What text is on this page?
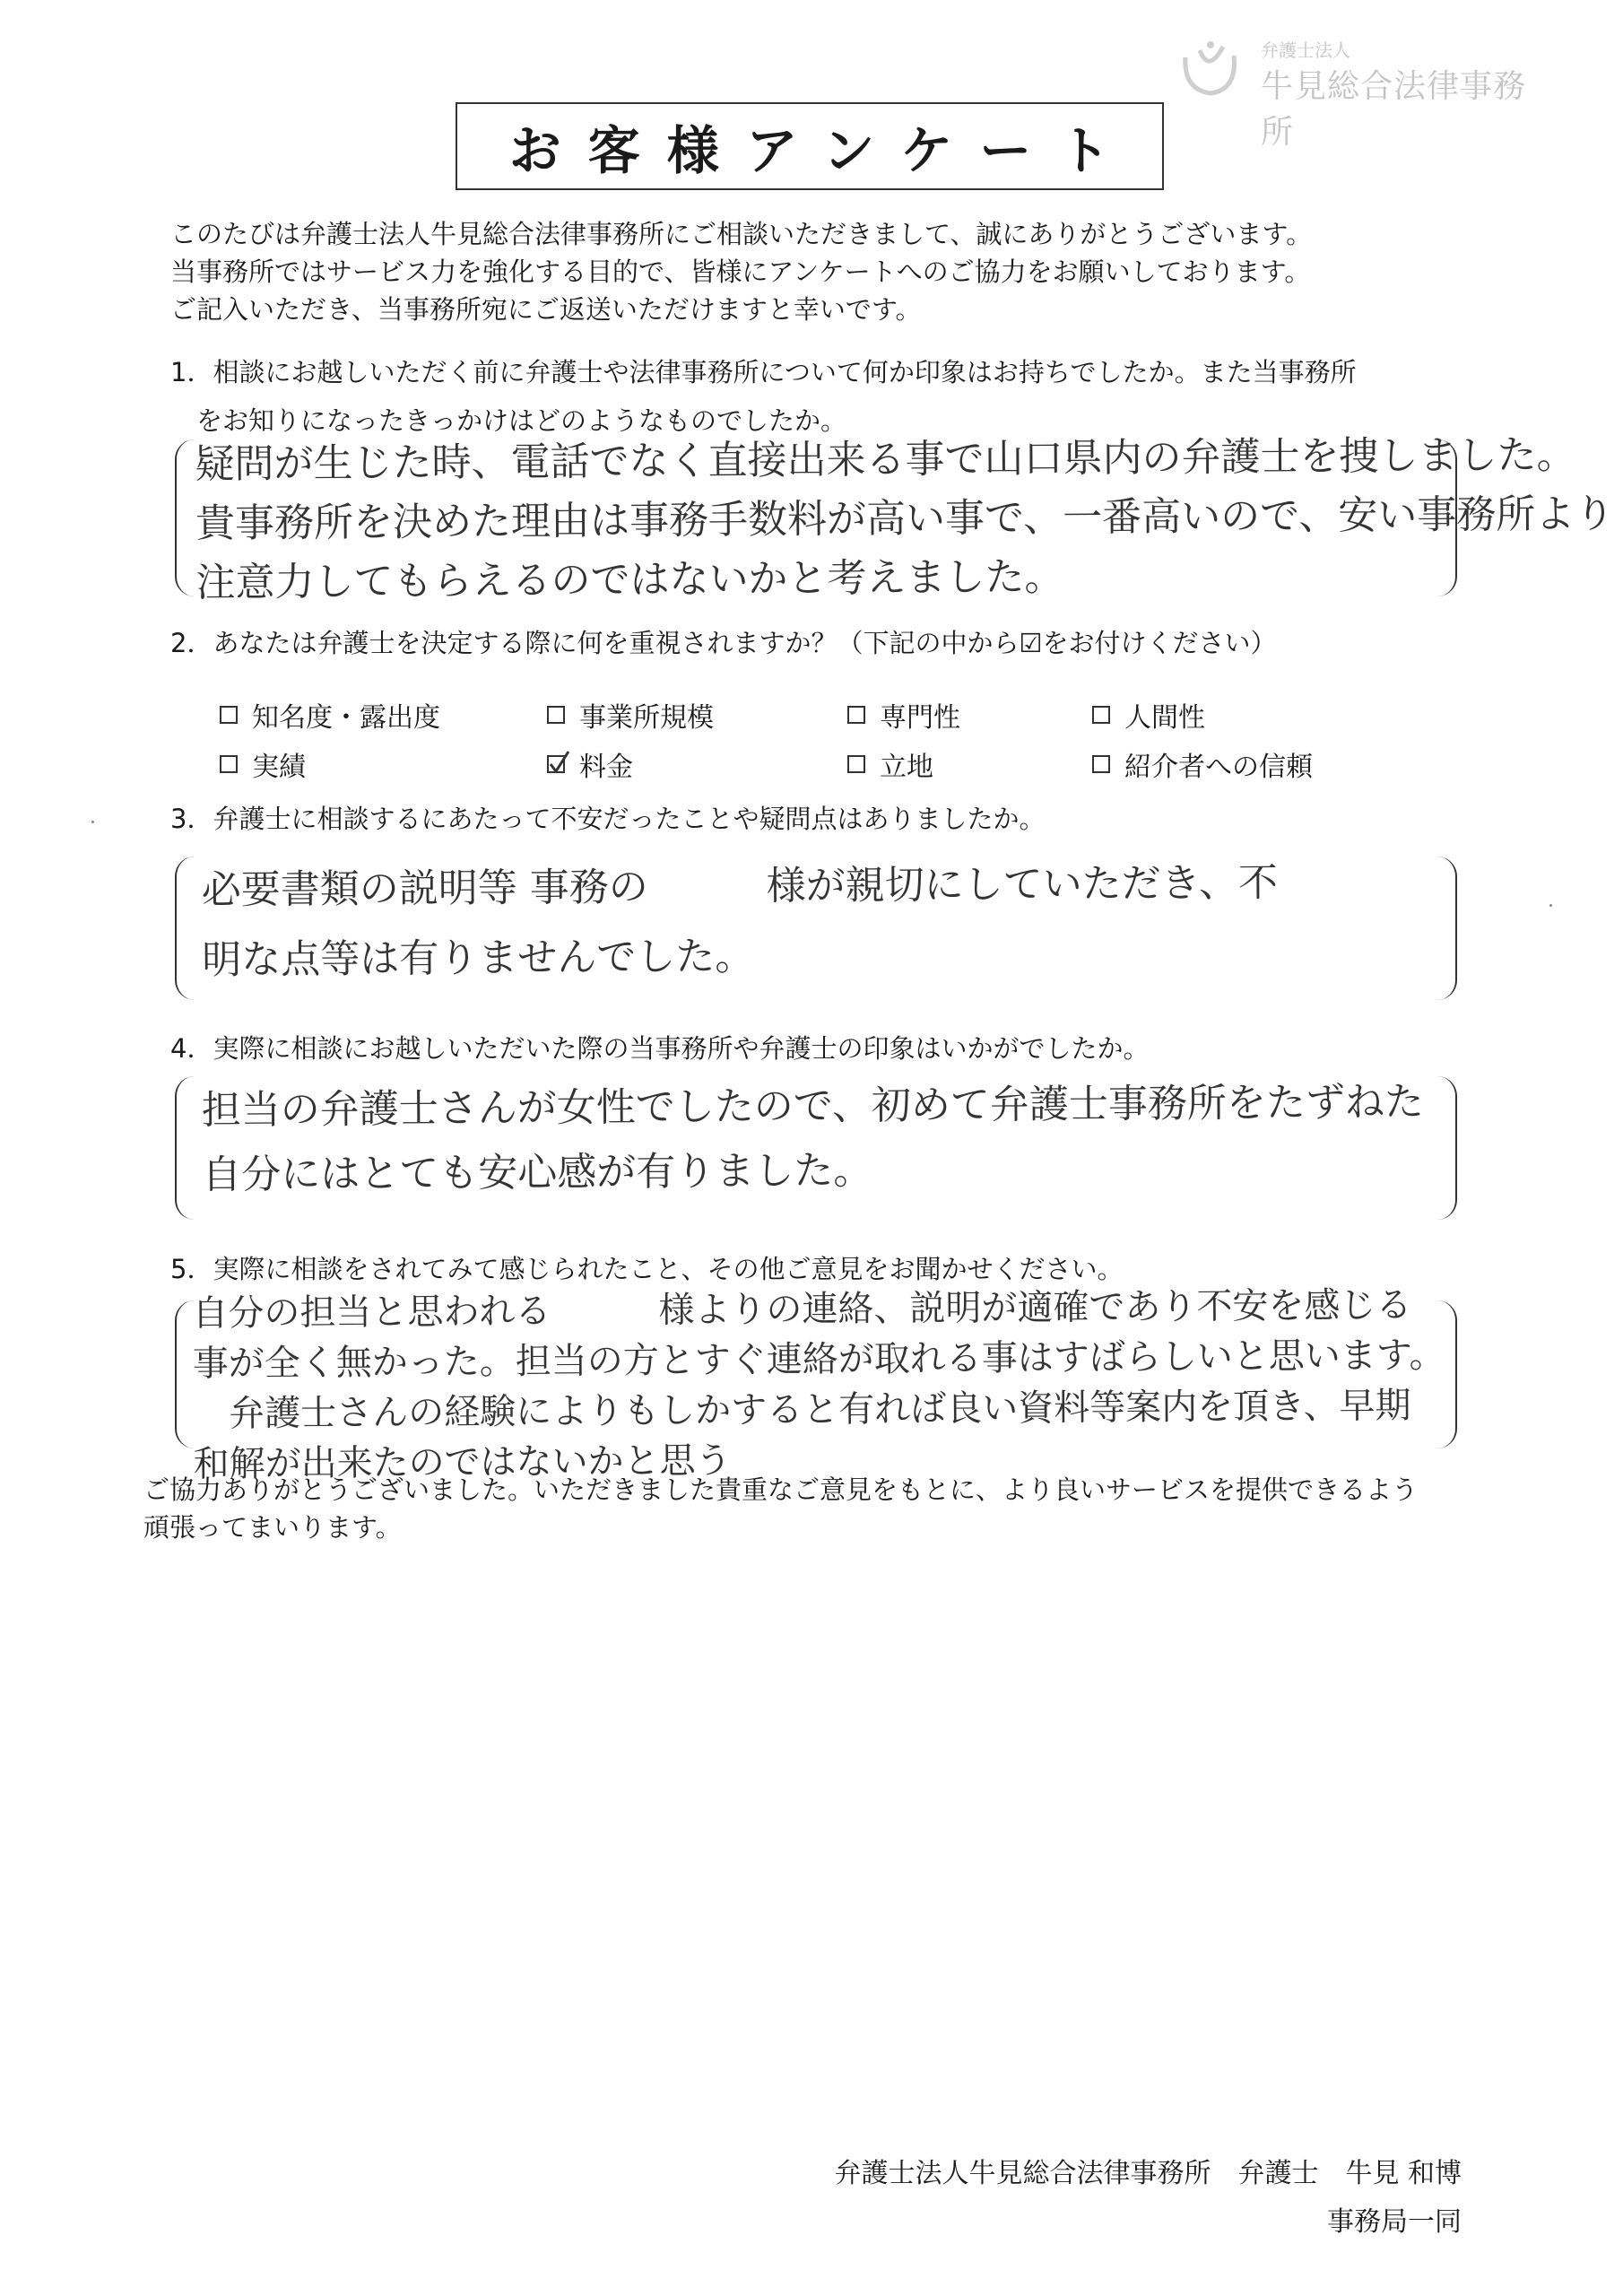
弁護士法人
牛見総合法律事務所
お客様アンケート
このたびは弁護士法人牛見総合法律事務所にご相談いただきまして、誠にありがとうございます。
当事務所ではサービス力を強化する目的で、皆様にアンケートへのご協力をお願いしております。
ご記入いただき、当事務所宛にご返送いただけますと幸いです。
1．相談にお越しいただく前に弁護士や法律事務所について何か印象はお持ちでしたか。また当事務所
　をお知りになったきっかけはどのようなものでしたか。
疑問が生じた時、電話でなく直接出来る事で山口県内の弁護士を捜しました。
貴事務所を決めた理由は事務手数料が高い事で、一番高いので、安い事務所より
注意力してもらえるのではないかと考えました。
2．あなたは弁護士を決定する際に何を重視されますか？（下記の中から☑をお付けください）
知名度・露出度	事業所規模	専門性	人間性
実績	料金	立地	紹介者への信頼
3．弁護士に相談するにあたって不安だったことや疑問点はありましたか。
必要書類の説明等 事務の　　　様が親切にしていただき、不
明な点等は有りませんでした。
4．実際に相談にお越しいただいた際の当事務所や弁護士の印象はいかがでしたか。
担当の弁護士さんが女性でしたので、初めて弁護士事務所をたずねた
自分にはとても安心感が有りました。
5．実際に相談をされてみて感じられたこと、その他ご意見をお聞かせください。
自分の担当と思われる　　　様よりの連絡、説明が適確であり不安を感じる
事が全く無かった。担当の方とすぐ連絡が取れる事はすばらしいと思います。
　弁護士さんの経験によりもしかすると有れば良い資料等案内を頂き、早期
和解が出来たのではないかと思う
ご協力ありがとうございました。いただきました貴重なご意見をもとに、より良いサービスを提供できるよう
頑張ってまいります。
弁護士法人牛見総合法律事務所　弁護士　牛見 和博
事務局一同
